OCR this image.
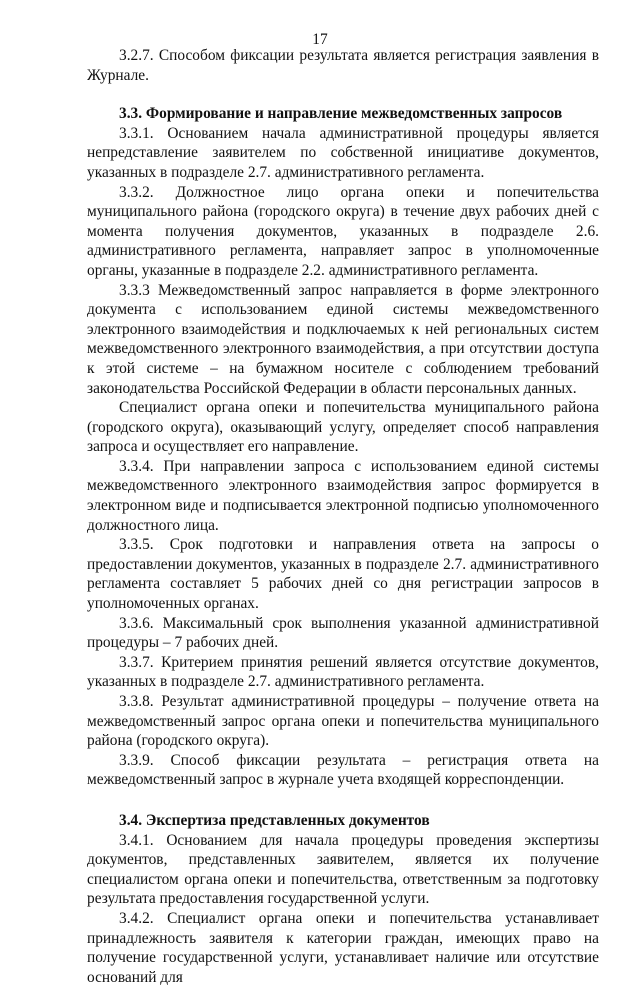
17

3.2.7. Способом фиксации результата является регистрация заявления в Журнале.

3.3. Формирование и направление межведомственных запросов

3.3.1. Основанием начала административной процедуры является непредставление заявителем по собственной инициативе документов, указанных в подразделе 2.7. административного регламента.

3.3.2. Должностное лицо органа опеки и попечительства муниципального района (городского округа) в течение двух рабочих дней с момента получения документов, указанных в подразделе 2.6. административного регламента, направляет запрос в уполномоченные органы, указанные в подразделе 2.2. административного регламента.

3.3.3 Межведомственный запрос направляется в форме электронного документа с использованием единой системы межведомственного электронного взаимодействия и подключаемых к ней региональных систем межведомственного электронного взаимодействия, а при отсутствии доступа к этой системе – на бумажном носителе с соблюдением требований законодательства Российской Федерации в области персональных данных.

Специалист органа опеки и попечительства муниципального района (городского округа), оказывающий услугу, определяет способ направления запроса и осуществляет его направление.

3.3.4. При направлении запроса с использованием единой системы межведомственного электронного взаимодействия запрос формируется в электронном виде и подписывается электронной подписью уполномоченного должностного лица.

3.3.5. Срок подготовки и направления ответа на запросы о предоставлении документов, указанных в подразделе 2.7. административного регламента составляет 5 рабочих дней со дня регистрации запросов в уполномоченных органах.

3.3.6. Максимальный срок выполнения указанной административной процедуры – 7 рабочих дней.

3.3.7. Критерием принятия решений является отсутствие документов, указанных в подразделе 2.7. административного регламента.

3.3.8. Результат административной процедуры – получение ответа на межведомственный запрос органа опеки и попечительства муниципального района (городского округа).

3.3.9. Способ фиксации результата – регистрация ответа на межведомственный запрос в журнале учета входящей корреспонденции.

3.4. Экспертиза представленных документов

3.4.1. Основанием для начала процедуры проведения экспертизы документов, представленных заявителем, является их получение специалистом органа опеки и попечительства, ответственным за подготовку результата предоставления государственной услуги.

3.4.2. Специалист органа опеки и попечительства устанавливает принадлежность заявителя к категории граждан, имеющих право на получение государственной услуги, устанавливает наличие или отсутствие оснований для
